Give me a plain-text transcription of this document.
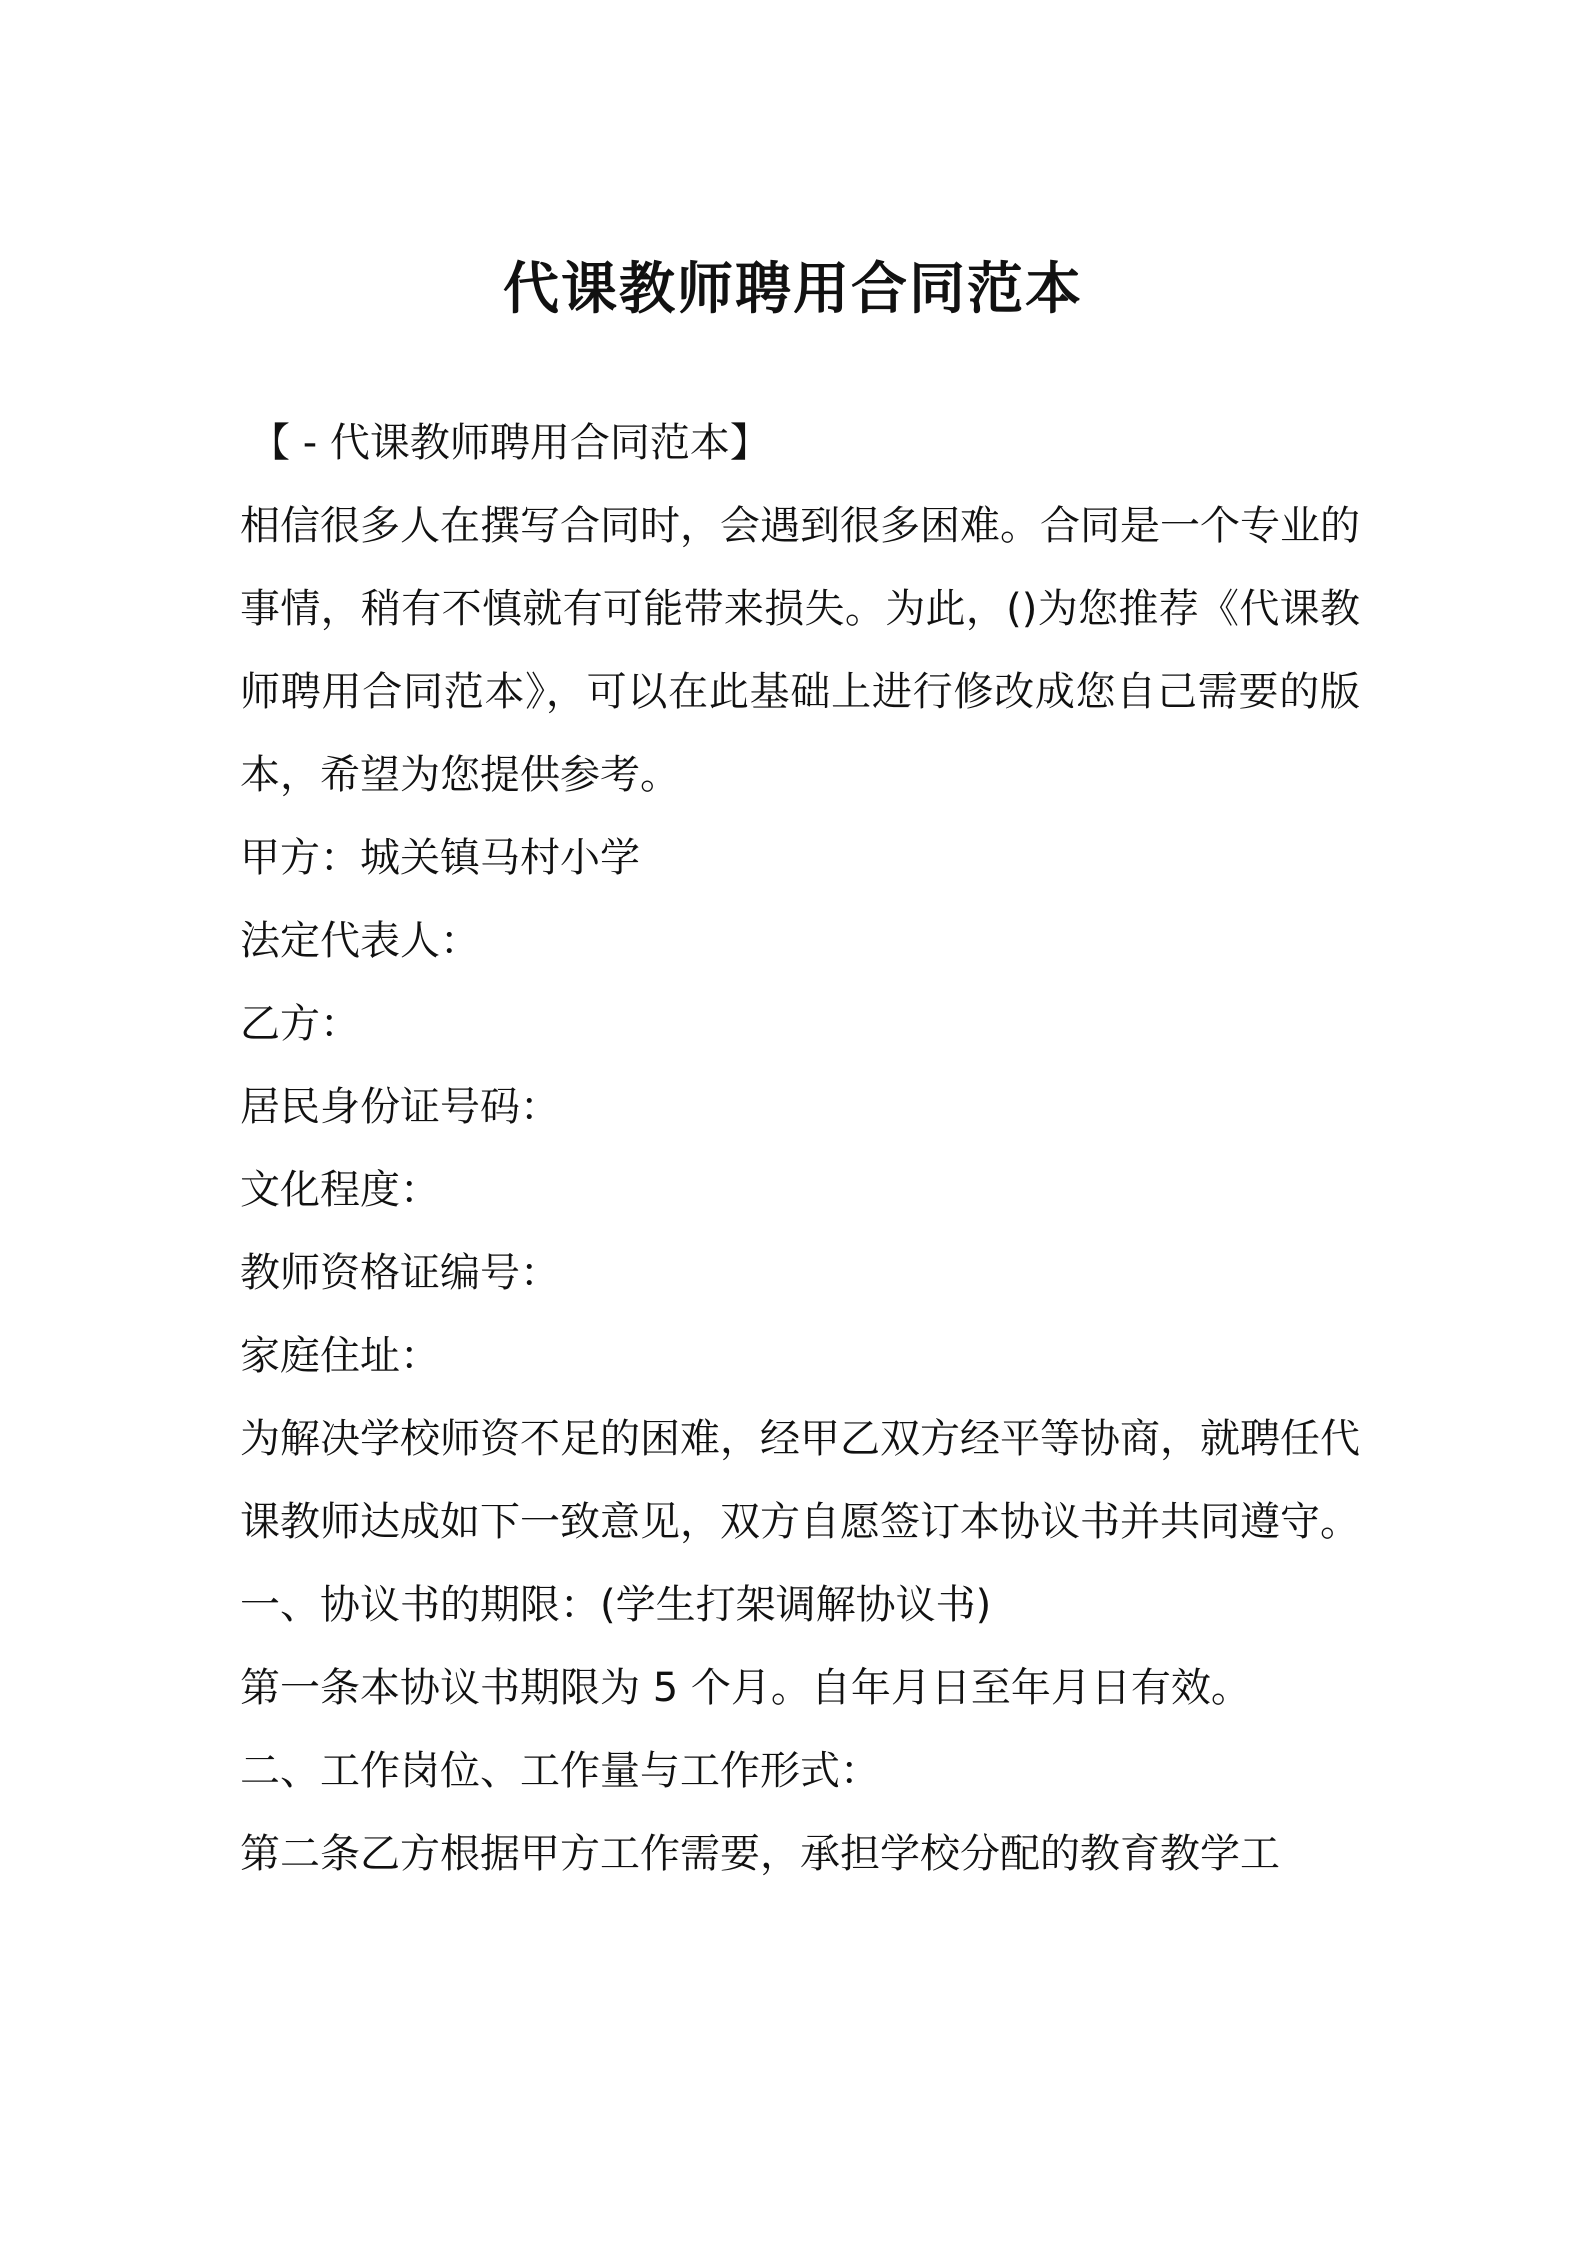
代课教师聘用合同范本

【 - 代课教师聘用合同范本】

相信很多人在撰写合同时，会遇到很多困难。合同是一个专业的事情，稍有不慎就有可能带来损失。为此，()为您推荐《代课教师聘用合同范本》，可以在此基础上进行修改成您自己需要的版本，希望为您提供参考。

甲方：城关镇马村小学

法定代表人：

乙方：

居民身份证号码：

文化程度：

教师资格证编号：

家庭住址：

为解决学校师资不足的困难，经甲乙双方经平等协商，就聘任代课教师达成如下一致意见，双方自愿签订本协议书并共同遵守。

一、协议书的期限：(学生打架调解协议书)

第一条本协议书期限为 5 个月。自年月日至年月日有效。

二、工作岗位、工作量与工作形式：

第二条乙方根据甲方工作需要，承担学校分配的教育教学工
